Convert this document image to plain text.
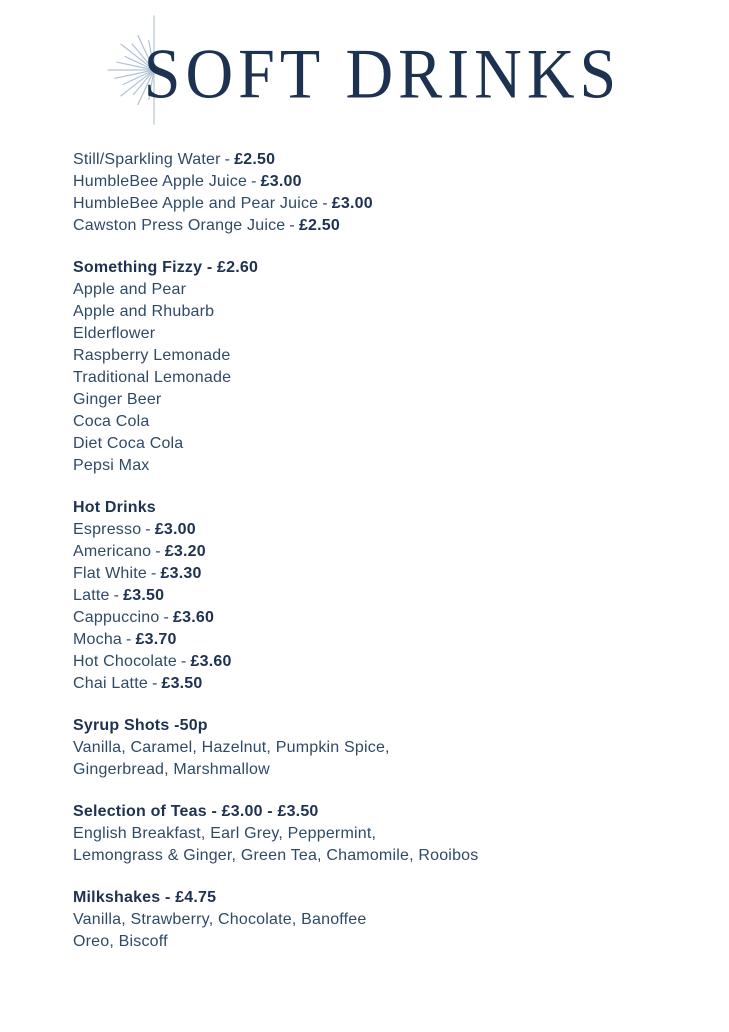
SOFT DRINKS
Still/Sparkling Water - £2.50
HumbleBee Apple Juice - £3.00
HumbleBee Apple and Pear Juice - £3.00
Cawston Press Orange Juice - £2.50
Something Fizzy - £2.60
Apple and Pear
Apple and Rhubarb
Elderflower
Raspberry Lemonade
Traditional Lemonade
Ginger Beer
Coca Cola
Diet Coca Cola
Pepsi Max
Hot Drinks
Espresso - £3.00
Americano - £3.20
Flat White - £3.30
Latte - £3.50
Cappuccino - £3.60
Mocha - £3.70
Hot Chocolate - £3.60
Chai Latte - £3.50
Syrup Shots -50p
Vanilla, Caramel, Hazelnut, Pumpkin Spice,
Gingerbread, Marshmallow
Selection of Teas - £3.00 - £3.50
English Breakfast, Earl Grey, Peppermint,
Lemongrass & Ginger, Green Tea, Chamomile, Rooibos
Milkshakes - £4.75
Vanilla, Strawberry, Chocolate, Banoffee
Oreo, Biscoff
